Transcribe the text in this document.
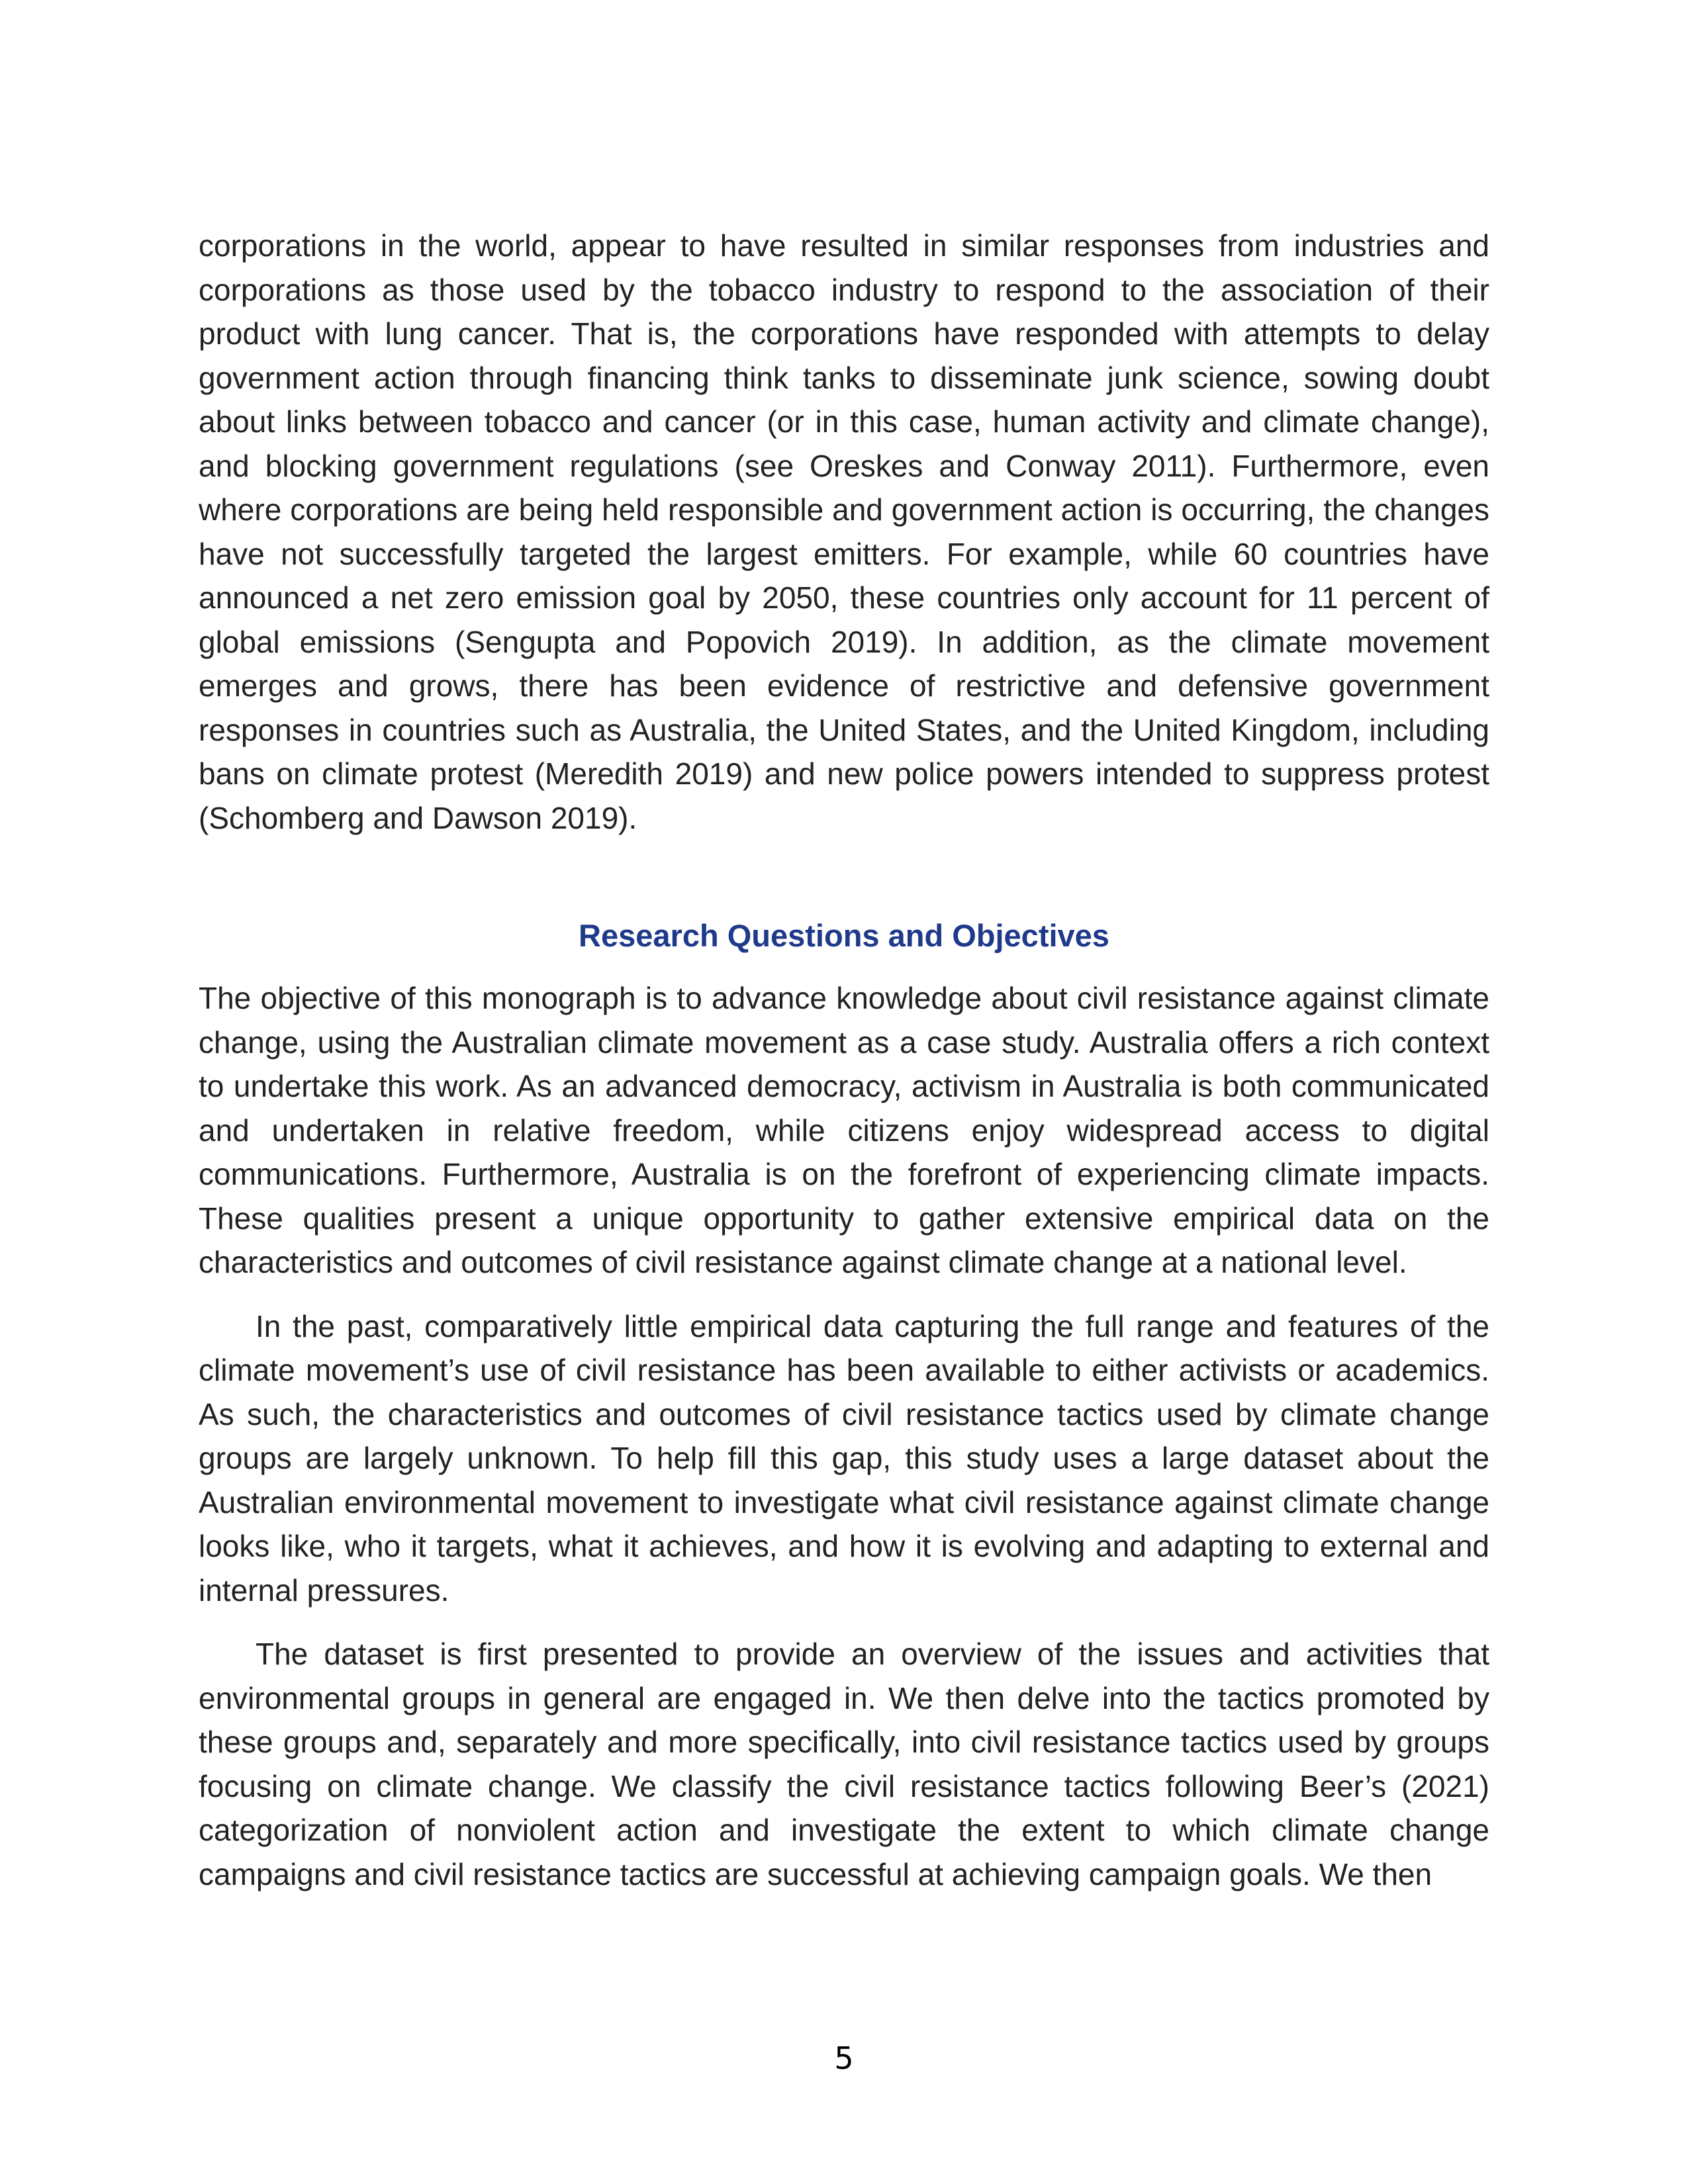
corporations in the world, appear to have resulted in similar responses from industries and corporations as those used by the tobacco industry to respond to the association of their product with lung cancer. That is, the corporations have responded with attempts to delay government action through financing think tanks to disseminate junk science, sowing doubt about links between tobacco and cancer (or in this case, human activity and climate change), and blocking government regulations (see Oreskes and Conway 2011). Furthermore, even where corporations are being held responsible and government action is occurring, the changes have not successfully targeted the largest emitters. For example, while 60 countries have announced a net zero emission goal by 2050, these countries only account for 11 percent of global emissions (Sengupta and Popovich 2019). In addition, as the climate movement emerges and grows, there has been evidence of restrictive and defensive government responses in countries such as Australia, the United States, and the United Kingdom, including bans on climate protest (Meredith 2019) and new police powers intended to suppress protest (Schomberg and Dawson 2019).

Research Questions and Objectives

The objective of this monograph is to advance knowledge about civil resistance against climate change, using the Australian climate movement as a case study. Australia offers a rich context to undertake this work. As an advanced democracy, activism in Australia is both communicated and undertaken in relative freedom, while citizens enjoy widespread access to digital communications. Furthermore, Australia is on the forefront of experiencing climate impacts. These qualities present a unique opportunity to gather extensive empirical data on the characteristics and outcomes of civil resistance against climate change at a national level.

In the past, comparatively little empirical data capturing the full range and features of the climate movement’s use of civil resistance has been available to either activists or academics. As such, the characteristics and outcomes of civil resistance tactics used by climate change groups are largely unknown. To help fill this gap, this study uses a large dataset about the Australian environmental movement to investigate what civil resistance against climate change looks like, who it targets, what it achieves, and how it is evolving and adapting to external and internal pressures.

The dataset is first presented to provide an overview of the issues and activities that environmental groups in general are engaged in. We then delve into the tactics promoted by these groups and, separately and more specifically, into civil resistance tactics used by groups focusing on climate change. We classify the civil resistance tactics following Beer’s (2021) categorization of nonviolent action and investigate the extent to which climate change campaigns and civil resistance tactics are successful at achieving campaign goals. We then

5
